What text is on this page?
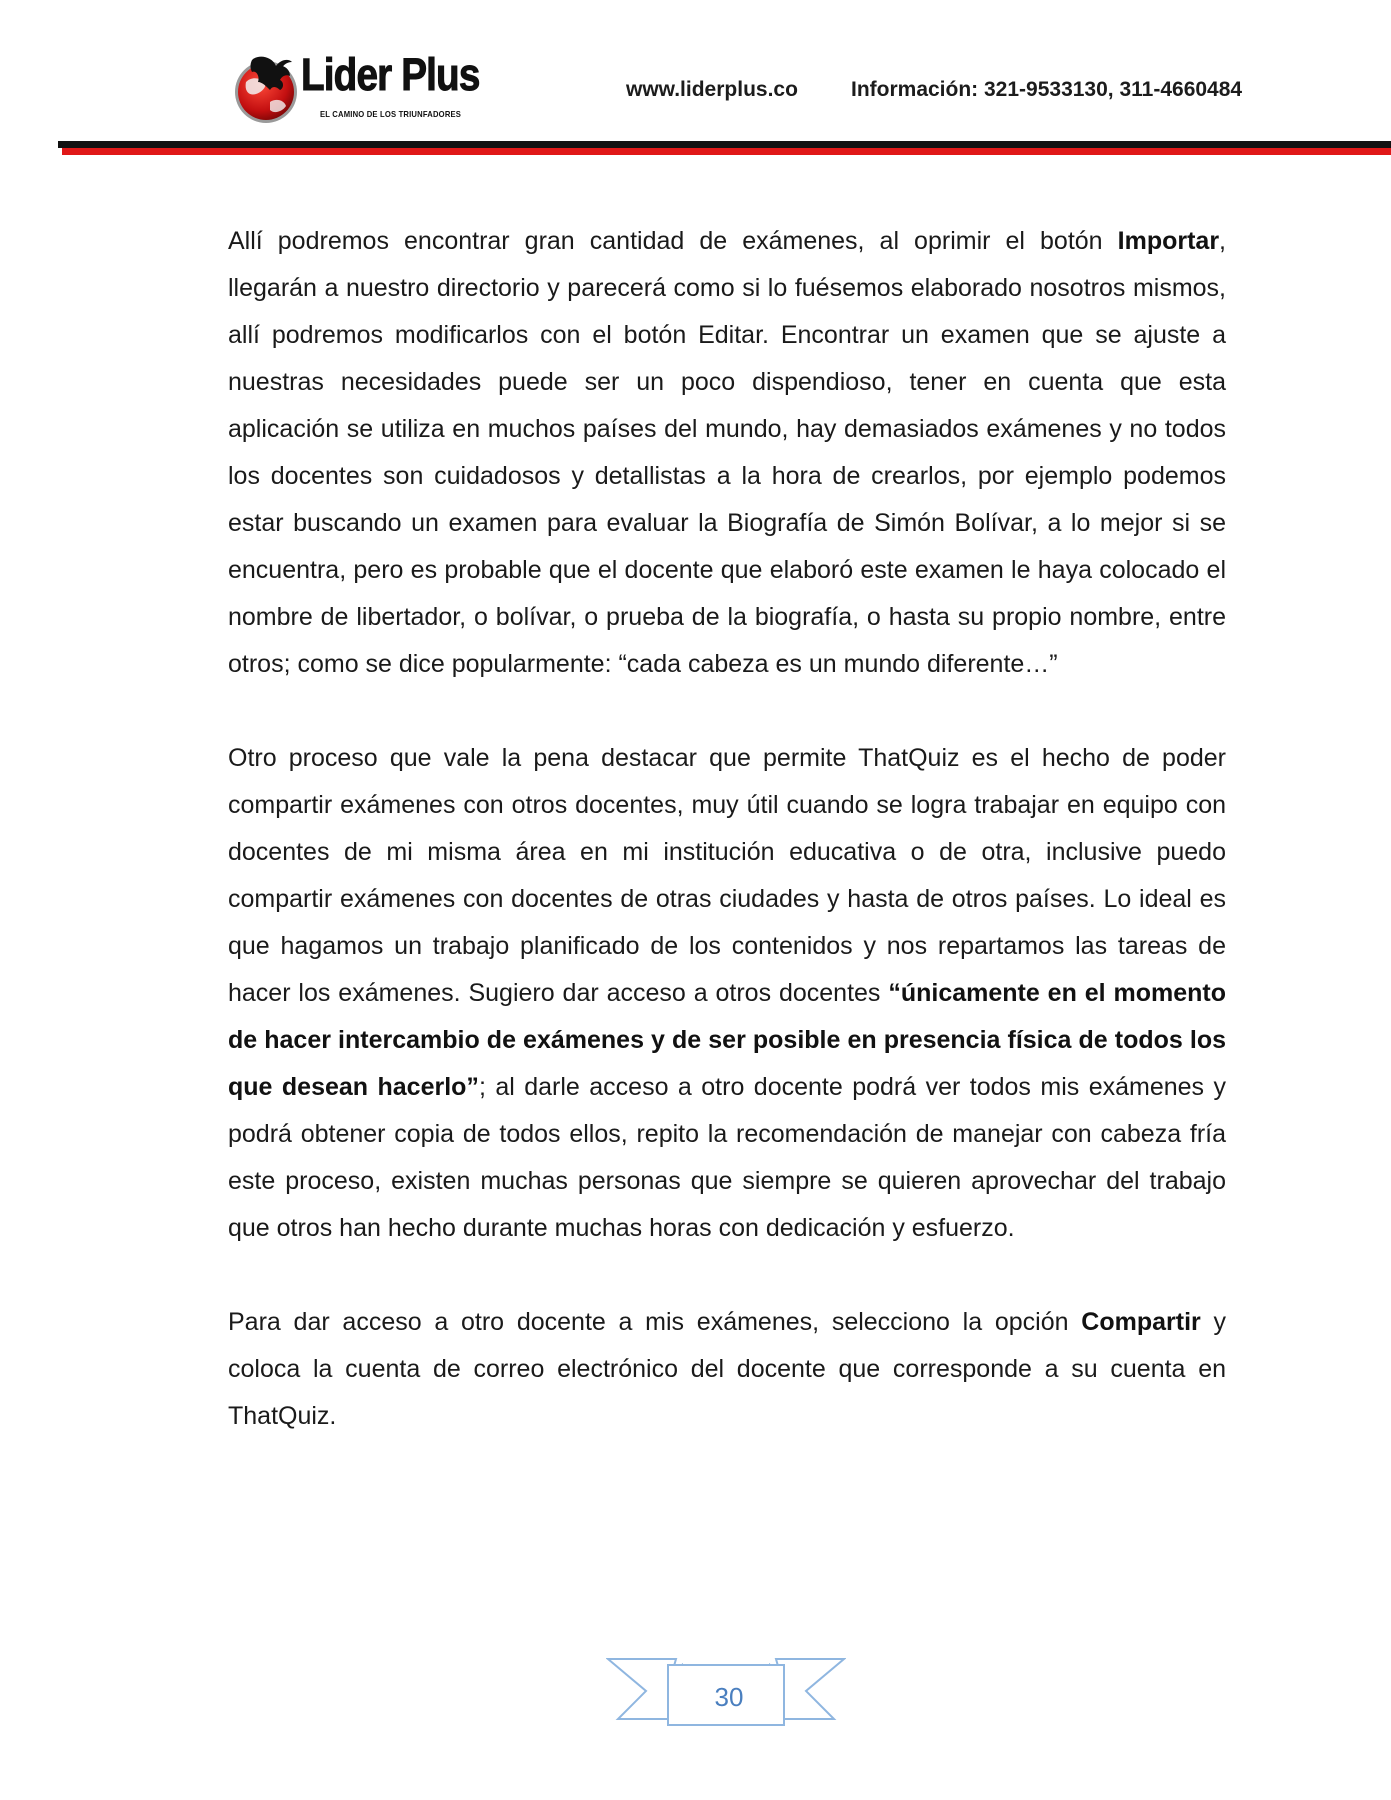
Lider Plus
EL CAMINO DE LOS TRIUNFADORES
www.liderplus.co	Información: 321-9533130, 311-4660484

Allí podremos encontrar gran cantidad de exámenes, al oprimir el botón Importar, llegarán a nuestro directorio y parecerá como si lo fuésemos elaborado nosotros mismos, allí podremos modificarlos con el botón Editar. Encontrar un examen que se ajuste a nuestras necesidades puede ser un poco dispendioso, tener en cuenta que esta aplicación se utiliza en muchos países del mundo, hay demasiados exámenes y no todos los docentes son cuidadosos y detallistas a la hora de crearlos, por ejemplo podemos estar buscando un examen para evaluar la Biografía de Simón Bolívar, a lo mejor si se encuentra, pero es probable que el docente que elaboró este examen le haya colocado el nombre de libertador, o bolívar, o prueba de la biografía, o hasta su propio nombre, entre otros; como se dice popularmente: “cada cabeza es un mundo diferente…”

Otro proceso que vale la pena destacar que permite ThatQuiz es el hecho de poder compartir exámenes con otros docentes, muy útil cuando se logra trabajar en equipo con docentes de mi misma área en mi institución educativa o de otra, inclusive puedo compartir exámenes con docentes de otras ciudades y hasta de otros países. Lo ideal es que hagamos un trabajo planificado de los contenidos y nos repartamos las tareas de hacer los exámenes. Sugiero dar acceso a otros docentes “únicamente en el momento de hacer intercambio de exámenes y de ser posible en presencia física de todos los que desean hacerlo”; al darle acceso a otro docente podrá ver todos mis exámenes y podrá obtener copia de todos ellos, repito la recomendación de manejar con cabeza fría este proceso, existen muchas personas que siempre se quieren aprovechar del trabajo que otros han hecho durante muchas horas con dedicación y esfuerzo.

Para dar acceso a otro docente a mis exámenes, selecciono la opción Compartir y coloca la cuenta de correo electrónico del docente que corresponde a su cuenta en ThatQuiz.

30
